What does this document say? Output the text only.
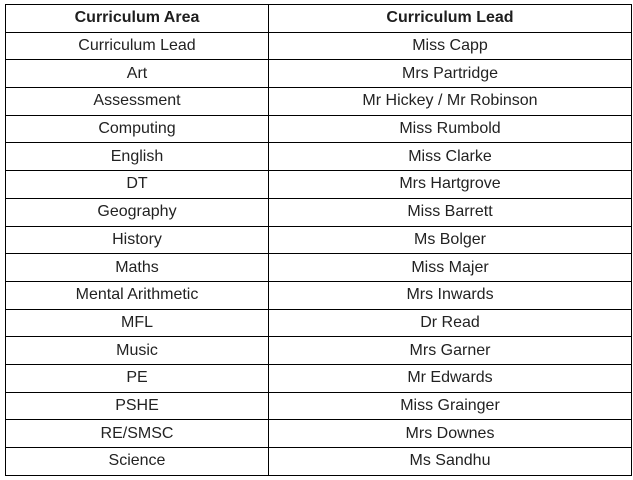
Curriculum Area	Curriculum Lead
Curriculum Lead	Miss Capp
Art	Mrs Partridge
Assessment	Mr Hickey / Mr Robinson
Computing	Miss Rumbold
English	Miss Clarke
DT	Mrs Hartgrove
Geography	Miss Barrett
History	Ms Bolger
Maths	Miss Majer
Mental Arithmetic	Mrs Inwards
MFL	Dr Read
Music	Mrs Garner
PE	Mr Edwards
PSHE	Miss Grainger
RE/SMSC	Mrs Downes
Science	Ms Sandhu
